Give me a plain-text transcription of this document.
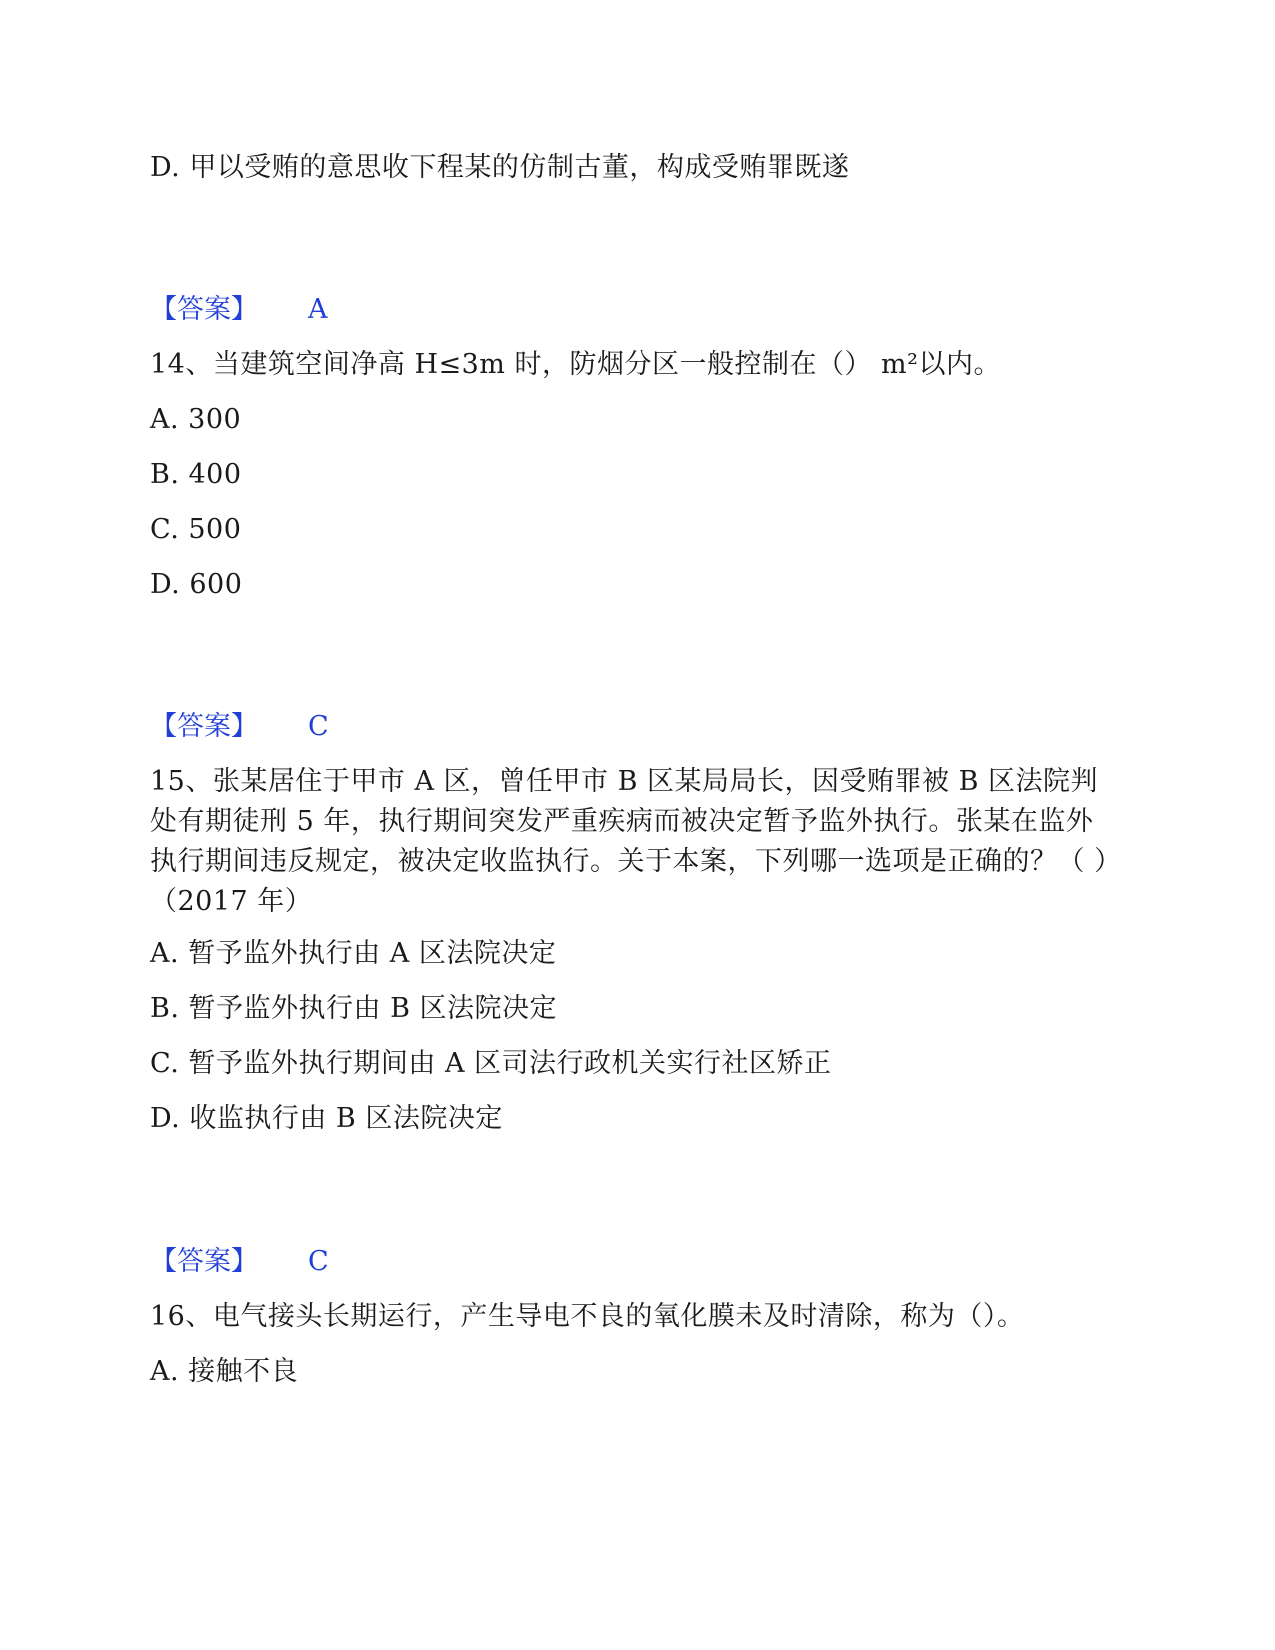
D. 甲以受贿的意思收下程某的仿制古董，构成受贿罪既遂
【答案】 A
14、当建筑空间净高 H≤3m 时，防烟分区一般控制在（） m²以内。
A. 300
B. 400
C. 500
D. 600
【答案】 C
15、张某居住于甲市 A 区，曾任甲市 B 区某局局长，因受贿罪被 B 区法院判处有期徒刑 5 年，执行期间突发严重疾病而被决定暂予监外执行。张某在监外执行期间违反规定，被决定收监执行。关于本案，下列哪一选项是正确的？（ ）（2017 年）
A. 暂予监外执行由 A 区法院决定
B. 暂予监外执行由 B 区法院决定
C. 暂予监外执行期间由 A 区司法行政机关实行社区矫正
D. 收监执行由 B 区法院决定
【答案】 C
16、电气接头长期运行，产生导电不良的氧化膜未及时清除，称为（）。
A. 接触不良
